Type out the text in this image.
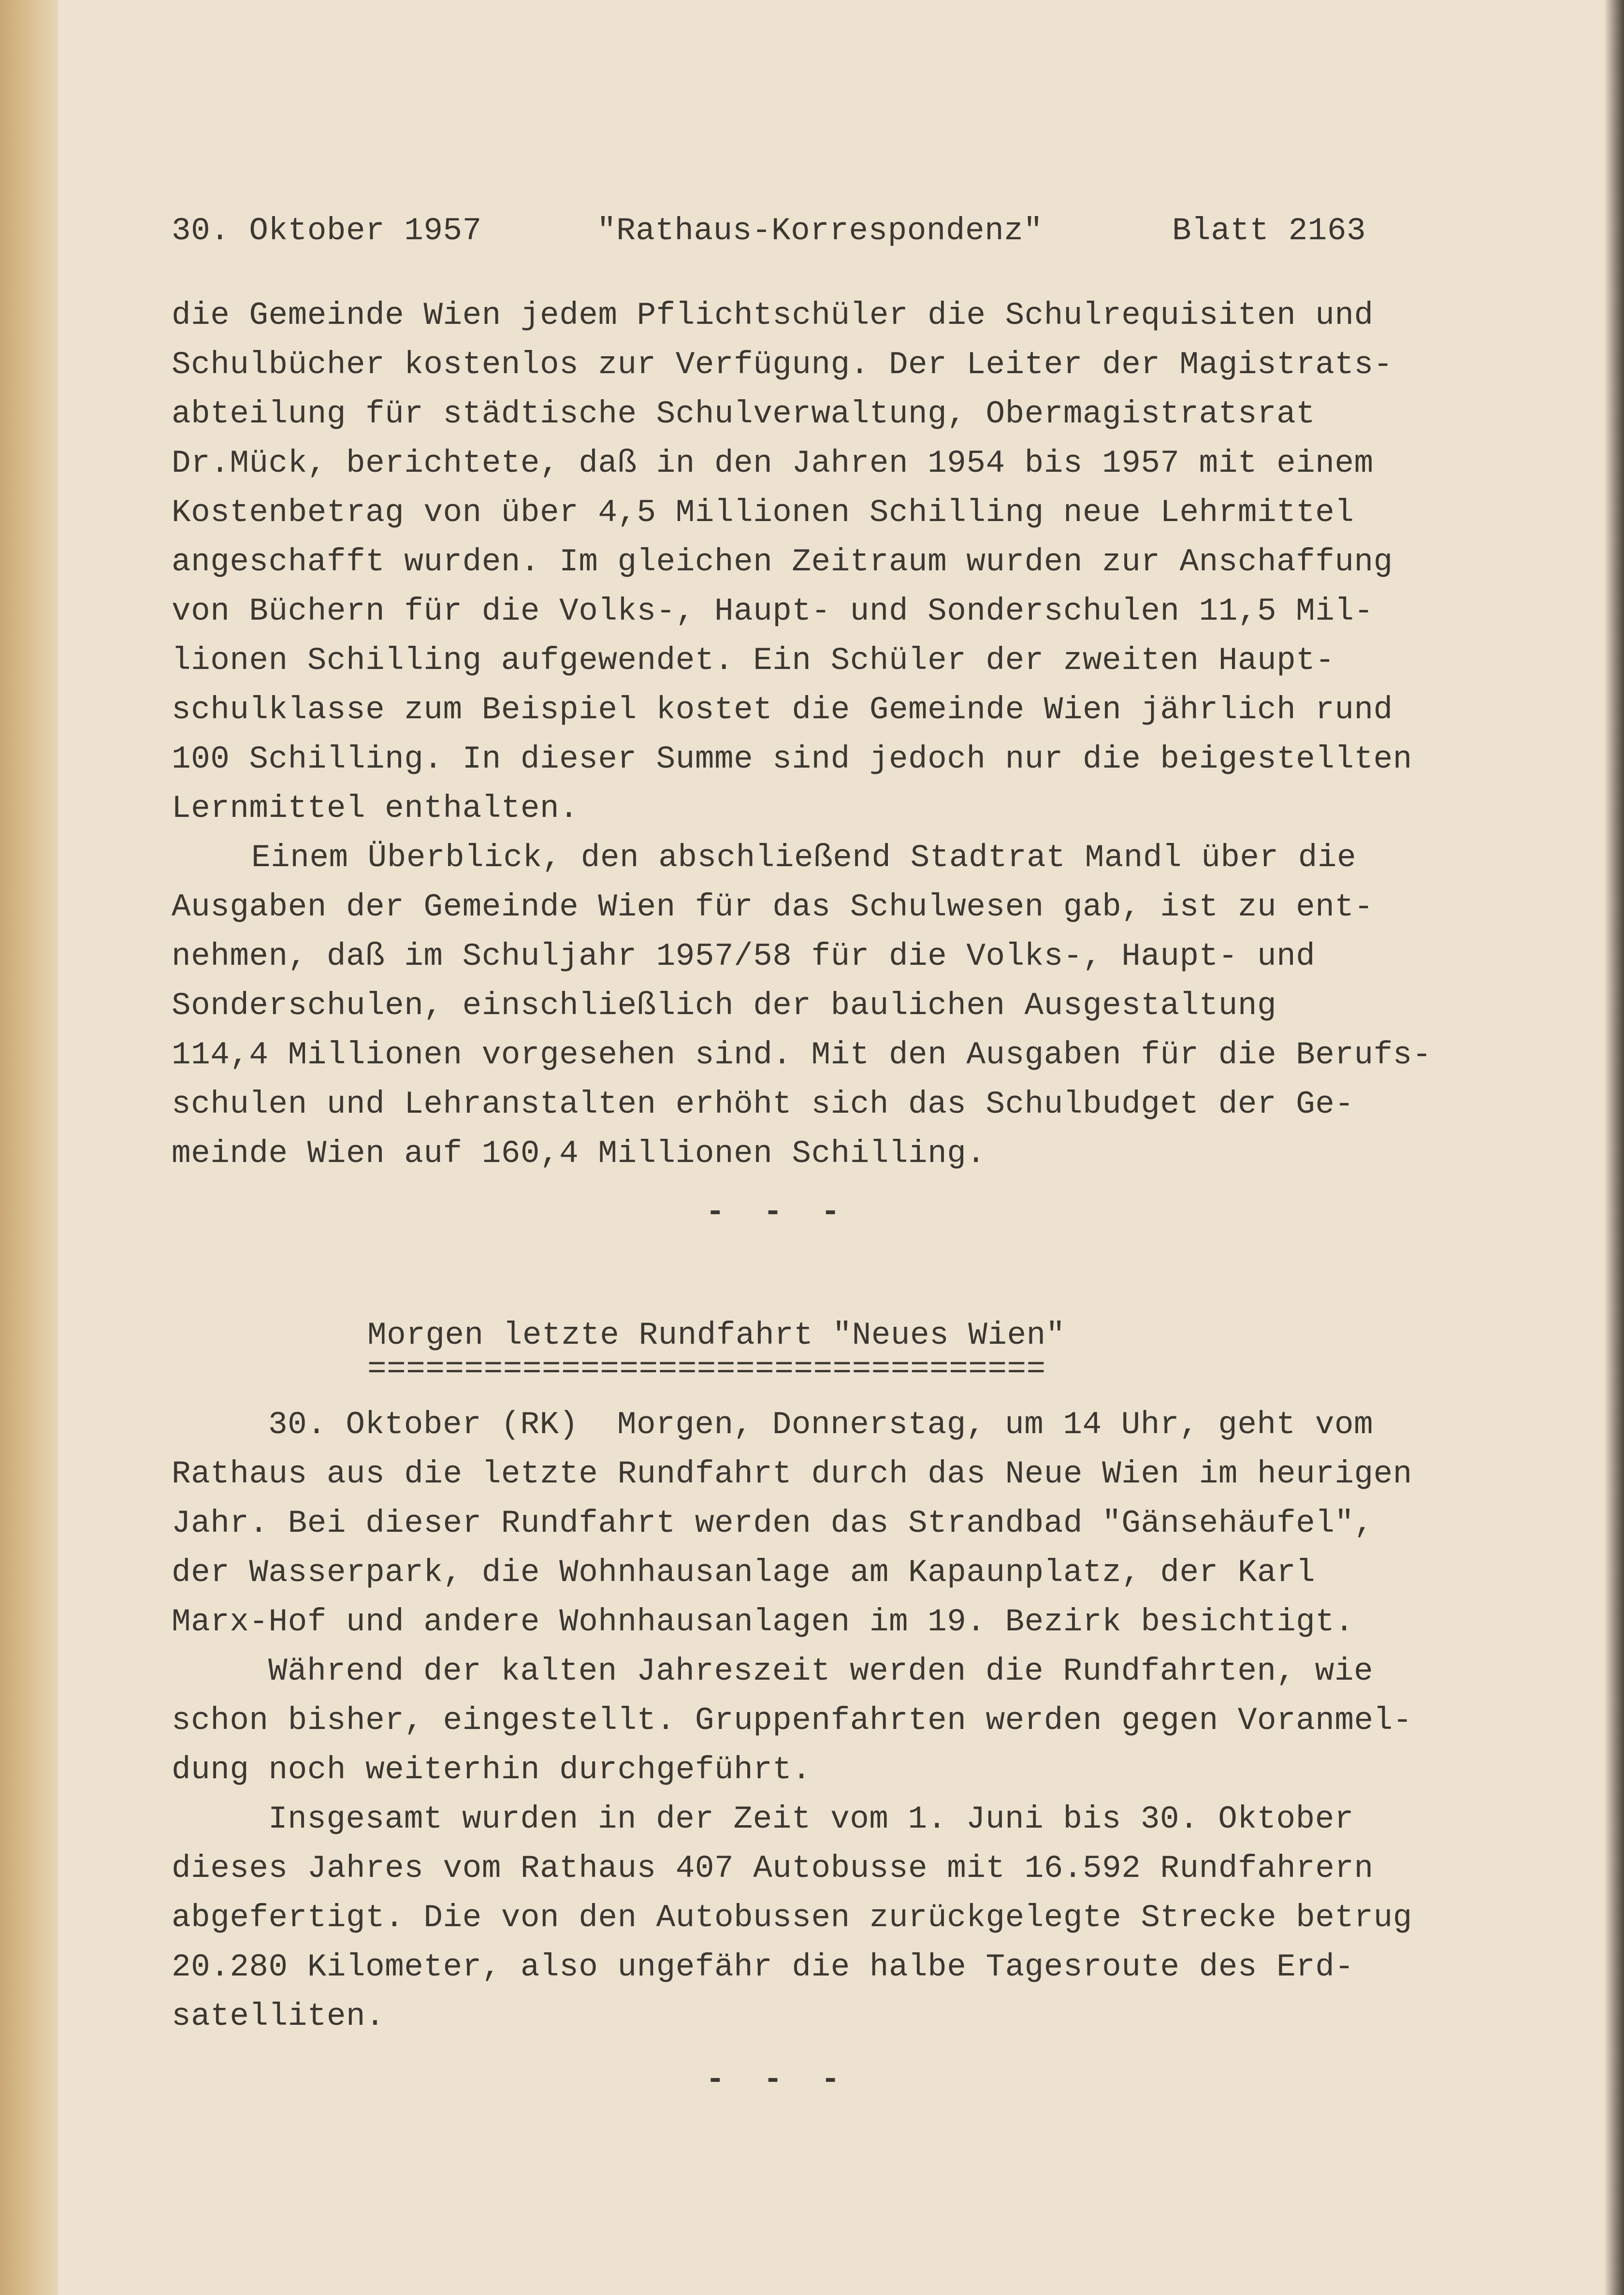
30. Oktober 1957

	"Rathaus-Korrespondenz"

	Blatt 2163

die Gemeinde Wien jedem Pflichtschüler die Schulrequisiten und
Schulbücher kostenlos zur Verfügung. Der Leiter der Magistrats-
abteilung für städtische Schulverwaltung, Obermagistratsrat
Dr.Mück, berichtete, daß in den Jahren 1954 bis 1957 mit einem
Kostenbetrag von über 4,5 Millionen Schilling neue Lehrmittel
angeschafft wurden. Im gleichen Zeitraum wurden zur Anschaffung
von Büchern für die Volks-, Haupt- und Sonderschulen 11,5 Mil-
lionen Schilling aufgewendet. Ein Schüler der zweiten Haupt-
schulklasse zum Beispiel kostet die Gemeinde Wien jährlich rund
100 Schilling. In dieser Summe sind jedoch nur die beigestellten
Lernmittel enthalten.
Einem Überblick, den abschließend Stadtrat Mandl über die
Ausgaben der Gemeinde Wien für das Schulwesen gab, ist zu ent-
nehmen, daß im Schuljahr 1957/58 für die Volks-, Haupt- und
Sonderschulen, einschließlich der baulichen Ausgestaltung
114,4 Millionen vorgesehen sind. Mit den Ausgaben für die Berufs-
schulen und Lehranstalten erhöht sich das Schulbudget der Ge-
meinde Wien auf 160,4 Millionen Schilling.
- - -
Morgen letzte Rundfahrt "Neues Wien"
===================================
30. Oktober (RK)  Morgen, Donnerstag, um 14 Uhr, geht vom
Rathaus aus die letzte Rundfahrt durch das Neue Wien im heurigen
Jahr. Bei dieser Rundfahrt werden das Strandbad "Gänsehäufel",
der Wasserpark, die Wohnhausanlage am Kapaunplatz, der Karl
Marx-Hof und andere Wohnhausanlagen im 19. Bezirk besichtigt.
Während der kalten Jahreszeit werden die Rundfahrten, wie
schon bisher, eingestellt. Gruppenfahrten werden gegen Voranmel-
dung noch weiterhin durchgeführt.
Insgesamt wurden in der Zeit vom 1. Juni bis 30. Oktober
dieses Jahres vom Rathaus 407 Autobusse mit 16.592 Rundfahrern
abgefertigt. Die von den Autobussen zurückgelegte Strecke betrug
20.280 Kilometer, also ungefähr die halbe Tagesroute des Erd-
satelliten.
- - -
